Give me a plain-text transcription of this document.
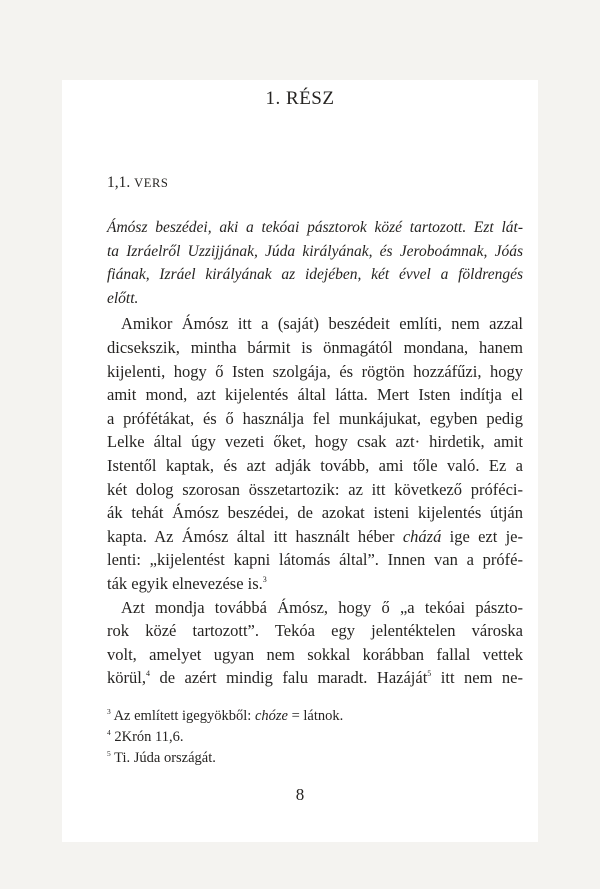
1. RÉSZ
1,1. VERS
Ámósz beszédei, aki a tekóai pásztorok közé tartozott. Ezt lát-
ta Izráelről Uzzijjának, Júda királyának, és Jeroboámnak, Jóás
fiának, Izráel királyának az idejében, két évvel a földrengés
előtt.
Amikor Ámósz itt a (saját) beszédeit említi, nem azzal
dicsekszik, mintha bármit is önmagától mondana, hanem
kijelenti, hogy ő Isten szolgája, és rögtön hozzáfűzi, hogy
amit mond, azt kijelentés által látta. Mert Isten indítja el
a prófétákat, és ő használja fel munkájukat, egyben pedig
Lelke által úgy vezeti őket, hogy csak azt· hirdetik, amit
Istentől kaptak, és azt adják tovább, ami tőle való. Ez a
két dolog szorosan összetartozik: az itt következő próféci-
ák tehát Ámósz beszédei, de azokat isteni kijelentés útján
kapta. Az Ámósz által itt használt héber cházá ige ezt je-
lenti: „kijelentést kapni látomás által”. Innen van a prófé-
ták egyik elnevezése is.$^3$
Azt mondja továbbá Ámósz, hogy ő „a tekóai pászto-
rok közé tartozott”. Tekóa egy jelentéktelen városka
volt, amelyet ugyan nem sokkal korábban fallal vettek
körül,$^4$ de azért mindig falu maradt. Hazáját$^5$ itt nem ne-
$^3$ Az említett igegyökből: chóze = látnok.
$^4$ 2Krón 11,6.
$^5$ Ti. Júda országát.
8
